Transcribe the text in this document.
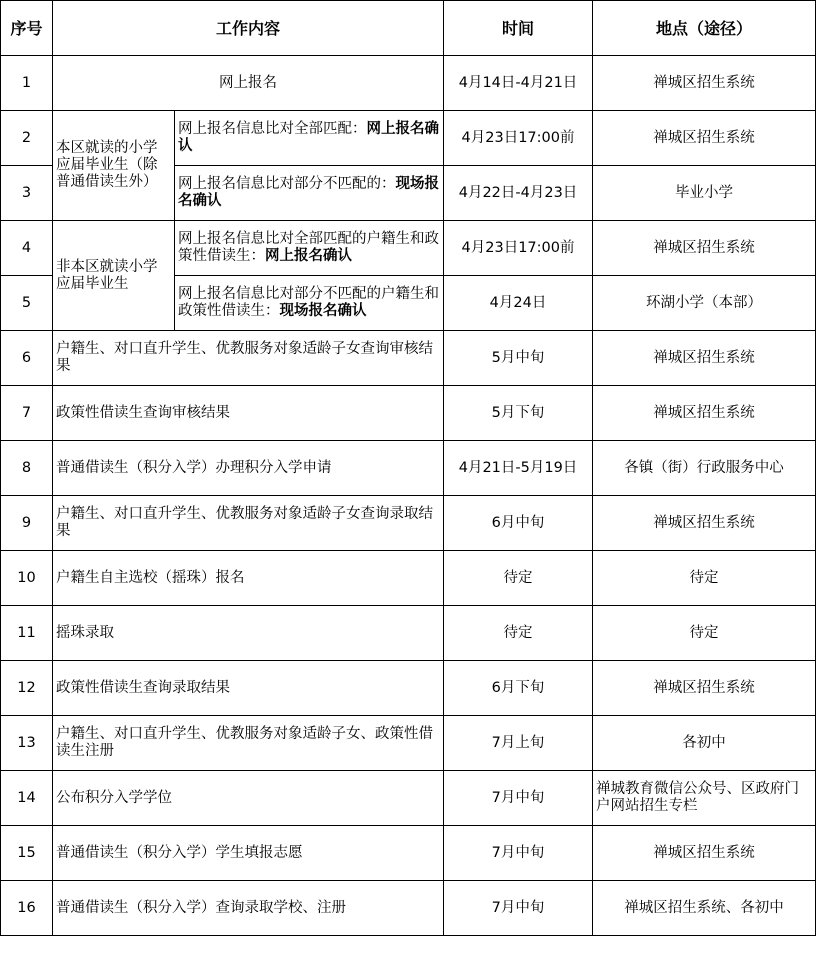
序号	工作内容		时间	地点（途径）
1	网上报名		4月14日-4月21日	禅城区招生系统
2	本区就读的小学应届毕业生（除普通借读生外）	网上报名信息比对全部匹配：网上报名确认	4月23日17:00前	禅城区招生系统
3		网上报名信息比对部分不匹配的：现场报名确认	4月22日-4月23日	毕业小学
4	非本区就读小学应届毕业生	网上报名信息比对全部匹配的户籍生和政策性借读生：网上报名确认	4月23日17:00前	禅城区招生系统
5		网上报名信息比对部分不匹配的户籍生和政策性借读生：现场报名确认	4月24日	环湖小学（本部）
6	户籍生、对口直升学生、优教服务对象适龄子女查询审核结果		5月中旬	禅城区招生系统
7	政策性借读生查询审核结果		5月下旬	禅城区招生系统
8	普通借读生（积分入学）办理积分入学申请		4月21日-5月19日	各镇（街）行政服务中心
9	户籍生、对口直升学生、优教服务对象适龄子女查询录取结果		6月中旬	禅城区招生系统
10	户籍生自主选校（摇珠）报名		待定	待定
11	摇珠录取		待定	待定
12	政策性借读生查询录取结果		6月下旬	禅城区招生系统
13	户籍生、对口直升学生、优教服务对象适龄子女、政策性借读生注册		7月上旬	各初中
14	公布积分入学学位		7月中旬	禅城教育微信公众号、区政府门户网站招生专栏
15	普通借读生（积分入学）学生填报志愿		7月中旬	禅城区招生系统
16	普通借读生（积分入学）查询录取学校、注册		7月中旬	禅城区招生系统、各初中
